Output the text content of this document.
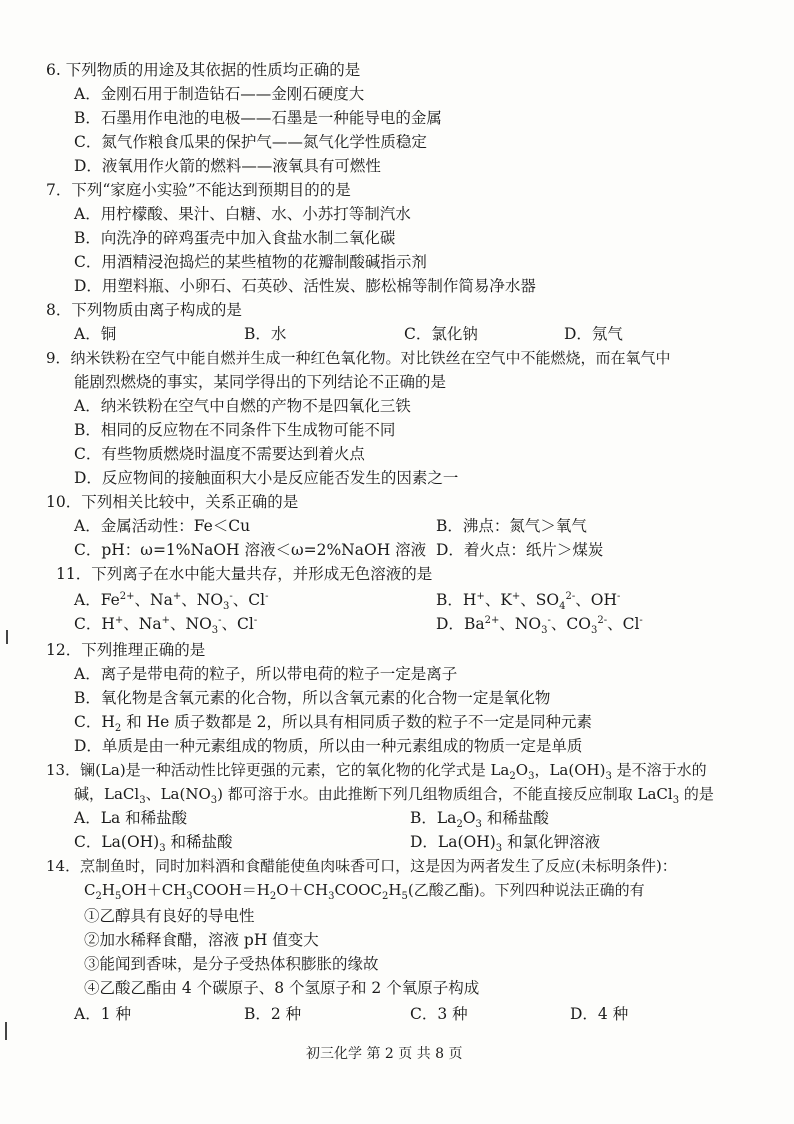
6. 下列物质的用途及其依据的性质均正确的是
A．金刚石用于制造钻石——金刚石硬度大
B．石墨用作电池的电极——石墨是一种能导电的金属
C．氮气作粮食瓜果的保护气——氮气化学性质稳定
D．液氧用作火箭的燃料——液氧具有可燃性
7．下列“家庭小实验”不能达到预期目的的是
A．用柠檬酸、果汁、白糖、水、小苏打等制汽水
B．向洗净的碎鸡蛋壳中加入食盐水制二氧化碳
C．用酒精浸泡捣烂的某些植物的花瓣制酸碱指示剂
D．用塑料瓶、小卵石、石英砂、活性炭、膨松棉等制作简易净水器
8．下列物质由离子构成的是
A．铜	B．水	C．氯化钠	D．氖气
9．纳米铁粉在空气中能自燃并生成一种红色氧化物。对比铁丝在空气中不能燃烧，而在氧气中
能剧烈燃烧的事实，某同学得出的下列结论不正确的是
A．纳米铁粉在空气中自燃的产物不是四氧化三铁
B．相同的反应物在不同条件下生成物可能不同
C．有些物质燃烧时温度不需要达到着火点
D．反应物间的接触面积大小是反应能否发生的因素之一
10．下列相关比较中，关系正确的是
A．金属活动性：Fe＜Cu	B．沸点：氮气＞氧气
C．pH：ω=1%NaOH 溶液＜ω=2%NaOH 溶液 D．着火点：纸片＞煤炭
11．下列离子在水中能大量共存，并形成无色溶液的是
A．$Fe^{2+}$、Na+、$NO_3^-$、Cl-	B．H+、K+、$SO_4^{2-}$、OH-
C．H+、Na+、$NO_3^-$、Cl-	D．$Ba^{2+}$、$NO_3^-$、$CO_3^{2-}$、Cl-
12．下列推理正确的是
A．离子是带电荷的粒子，所以带电荷的粒子一定是离子
B．氧化物是含氧元素的化合物，所以含氧元素的化合物一定是氧化物
C．$H_2$ 和 He 质子数都是 2，所以具有相同质子数的粒子不一定是同种元素
D．单质是由一种元素组成的物质，所以由一种元素组成的物质一定是单质
13．镧(La)是一种活动性比锌更强的元素，它的氧化物的化学式是 $La_2O_3$，$La(OH)_3$ 是不溶于水的
碱，LaCl$_3$、$La(NO_3)$ 都可溶于水。由此推断下列几组物质组合，不能直接反应制取 LaCl$_3$ 的是
A．La 和稀盐酸	B．$La_2O_3$ 和稀盐酸
C．$La(OH)_3$ 和稀盐酸	D．$La(OH)_3$ 和氯化钾溶液
14．烹制鱼时，同时加料酒和食醋能使鱼肉味香可口，这是因为两者发生了反应(未标明条件)：
$C_2H_5OH+CH_3COOH=H_2O+CH_3COOC_2H_5$(乙酸乙酯)。下列四种说法正确的有
①乙醇具有良好的导电性
②加水稀释食醋，溶液 pH 值变大
③能闻到香味，是分子受热体积膨胀的缘故
④乙酸乙酯由 4 个碳原子、8 个氢原子和 2 个氧原子构成
A．1 种	B．2 种	C．3 种	D．4 种
初三化学 第 2 页 共 8 页
